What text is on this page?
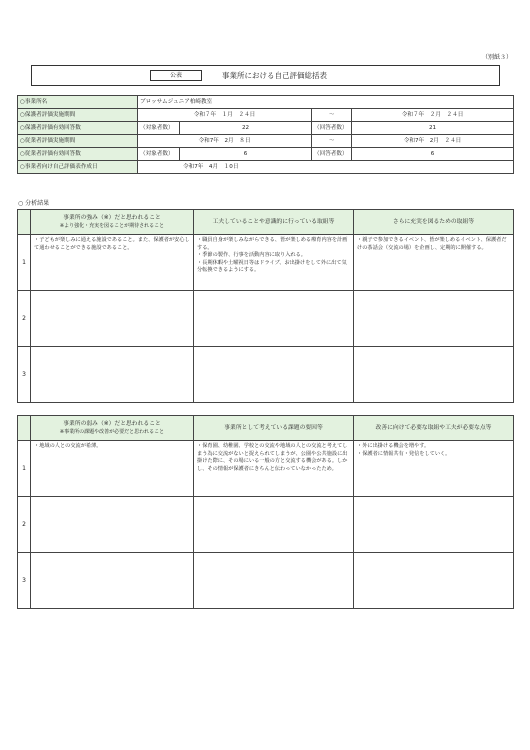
（別紙３）
公表	事業所における自己評価総括表
○事業所名	ブロッサムジュニア柏崎教室			
○保護者評価実施期間	令和７年　１月　２４日		～	令和７年　２月　２４日
○保護者評価有効回答数	（対象者数）	22	（回答者数）	21
○従業者評価実施期間	令和7年　2月　８日		～	令和7年　2月　２４日
○従業者評価有効回答数	（対象者数）	6	（回答者数）	6
○事業者向け自己評価表作成日	令和7年　4月　１0日			
○ 分析結果
	事業所の強み（※）だと思われること
※より強化・充実を図ることが期待されること	工夫していることや意識的に行っている取組等	さらに充実を図るための取組等
1	・子どもが楽しみに通える施設であること。また、保護者が安心して通わせることができる施設であること。	・職員自身が楽しみながらできる、皆が楽しめる療育内容を計画する。
・季節の製作、行事を活動内容に取り入れる。
・長期休暇や土曜祝日等はドライブ、お出掛けをして外に出て気分転換できるようにする。	・親子で参加できるイベント、皆が楽しめるイベント、保護者だけの茶話会（交流の場）を企画し、定期的に開催する。

2			
3			
	事業所の弱み（※）だと思われること
※事業所の課題や改善が必要だと思われること	事業所として考えている課題の要因等	改善に向けて必要な取組や工夫が必要な点等
1	・地域の人との交流が希薄。	・保育園、幼稚園、学校との交流や地域の人との交流と考えてしまう為に交流がないと捉えられてしまうが、公園や公共施設に出掛けた際に、その場にいる一般の方と交流する機会がある。しかし、その情報が保護者にきちんと伝わっていなかったため。	・外に出掛ける機会を増やす。
・保護者に情報共有・発信をしていく。

2			
3			
